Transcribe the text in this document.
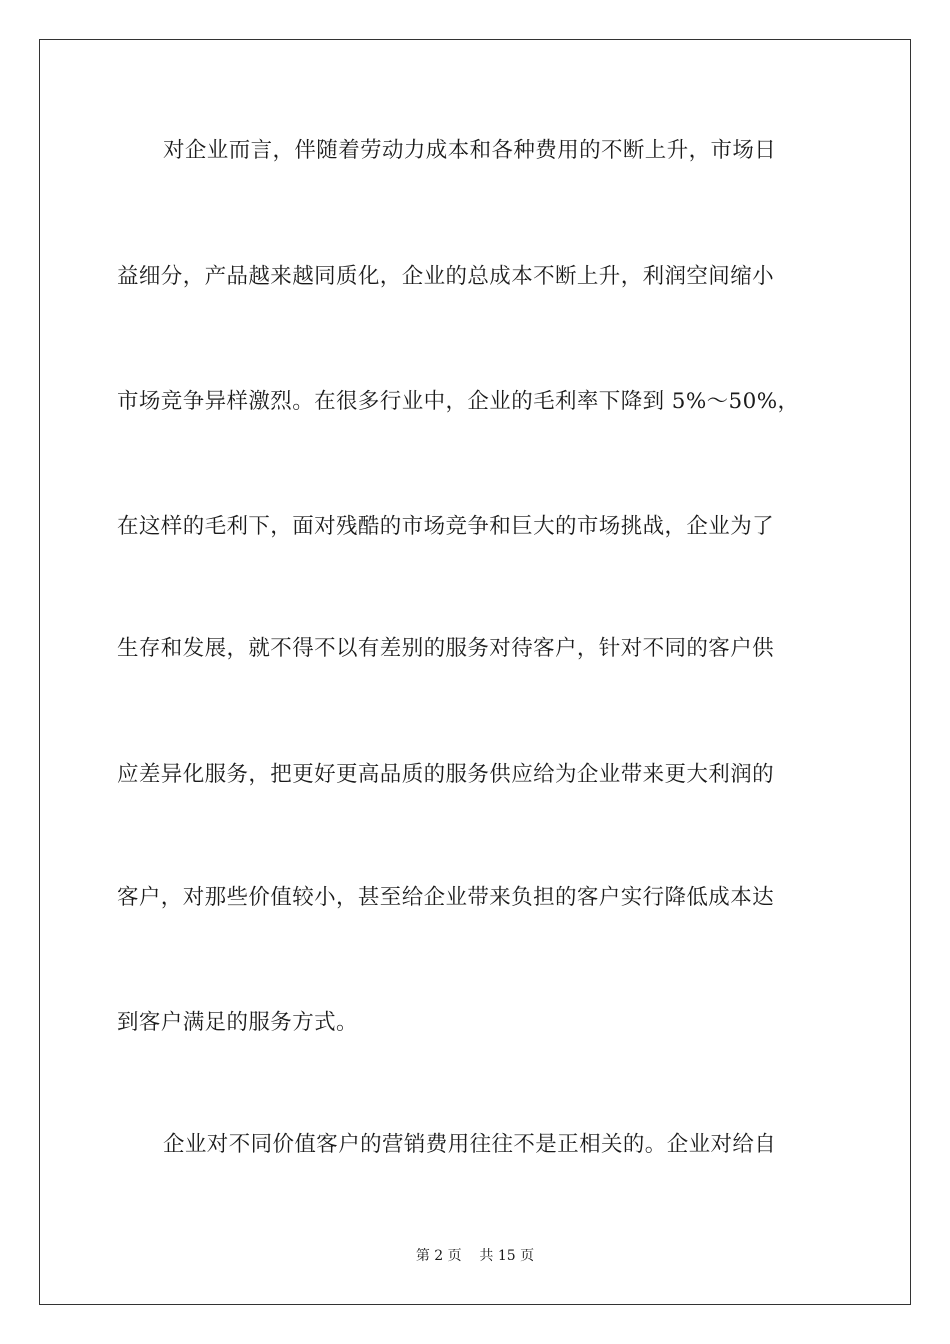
对企业而言，伴随着劳动力成本和各种费用的不断上升，市场日
益细分，产品越来越同质化，企业的总成本不断上升，利润空间缩小
市场竞争异样激烈。在很多行业中，企业的毛利率下降到 5%～50%，
在这样的毛利下，面对残酷的市场竞争和巨大的市场挑战，企业为了
生存和发展，就不得不以有差别的服务对待客户，针对不同的客户供
应差异化服务，把更好更高品质的服务供应给为企业带来更大利润的
客户，对那些价值较小，甚至给企业带来负担的客户实行降低成本达
到客户满足的服务方式。
企业对不同价值客户的营销费用往往不是正相关的。企业对给自
第 2 页    共 15 页
